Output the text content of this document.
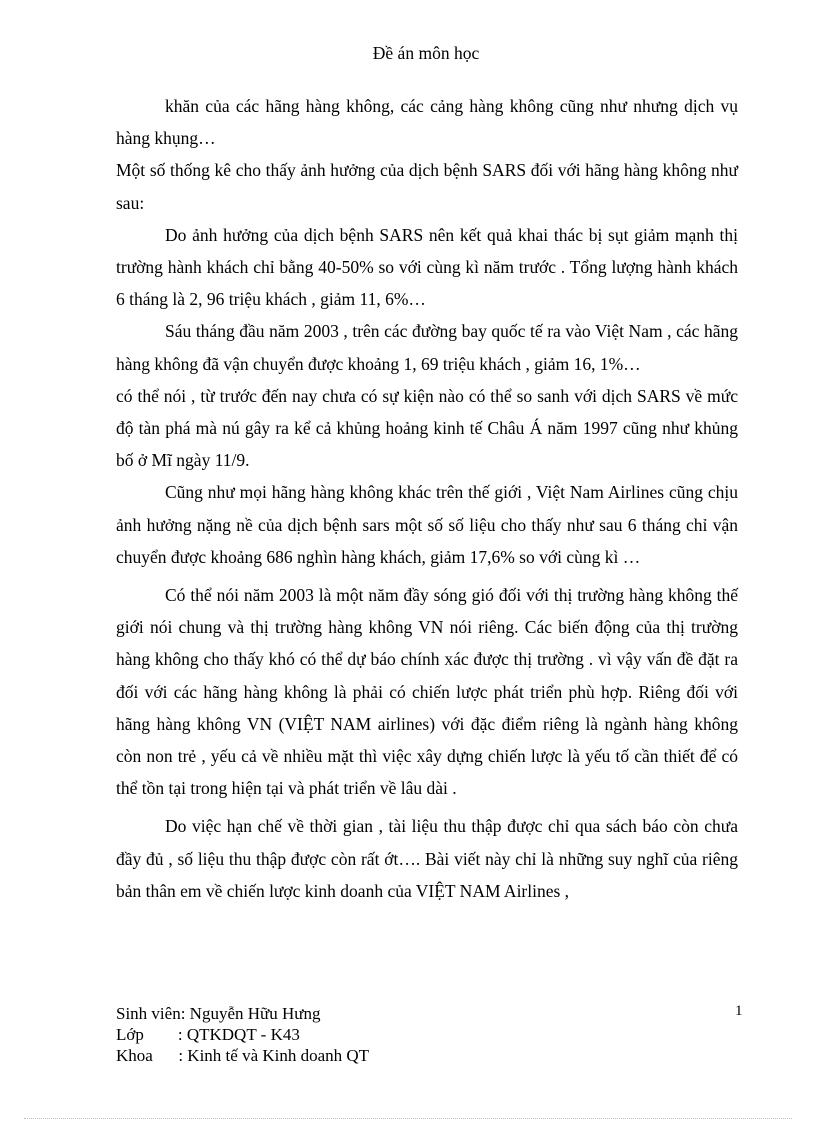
Đề án môn học

khăn của các hãng hàng không, các cảng hàng không cũng như nhưng dịch vụ hàng khụng…

Một số thống kê cho thấy ảnh hưởng của dịch bệnh SARS đối với hãng hàng không như sau:

Do ảnh hưởng của dịch bệnh SARS nên kết quả khai thác bị sụt giảm mạnh thị trường hành khách chỉ bằng 40-50% so với cùng kì năm trước . Tổng lượng hành khách 6 tháng là 2, 96 triệu khách , giảm 11, 6%…

Sáu tháng đầu năm 2003 , trên các đường bay quốc tế ra vào Việt Nam , các hãng hàng không đã vận chuyển được khoảng 1, 69 triệu khách , giảm 16, 1%…

có thể nói , từ trước đến nay chưa có sự kiện nào có thể so sanh với dịch SARS về mức độ tàn phá mà nú gây ra kể cả khủng hoảng kinh tế Châu Á năm 1997 cũng như khủng bố ở Mĩ ngày 11/9.

Cũng như mọi hãng hàng không khác trên thế giới , Việt Nam Airlines cũng chịu ảnh hưởng nặng nề của dịch bệnh sars một số số liệu cho thấy như sau 6 tháng chỉ vận chuyển được khoảng 686 nghìn hàng khách, giảm 17,6% so với cùng kì …

Có thể nói năm 2003 là một năm đầy sóng gió đối với thị trường hàng không thế giới nói chung và thị trường hàng không VN nói riêng. Các biến động của thị trường hàng không cho thấy khó có thể dự báo chính xác được thị trường . vì vậy vấn đề đặt ra đối với các hãng hàng không là phải có chiến lược phát triển phù hợp. Riêng đối với hãng hàng không VN (VIỆT NAM airlines) với đặc điểm riêng là ngành hàng không còn non trẻ , yếu cả về nhiều mặt thì việc xây dựng chiến lược là yếu tố cần thiết để có thể tồn tại trong hiện tại và phát triển về lâu dài .

Do việc hạn chế về thời gian , tài liệu thu thập được chỉ qua sách báo còn chưa đầy đủ , số liệu thu thập được còn rất ớt…. Bài viết này chỉ là những suy nghĩ của riêng bản thân em về chiến lược kinh doanh của VIỆT NAM Airlines ,

Sinh viên: Nguyễn Hữu Hưng
Lớp        : QTKDQT - K43
Khoa      : Kinh tế và Kinh doanh QT
1
